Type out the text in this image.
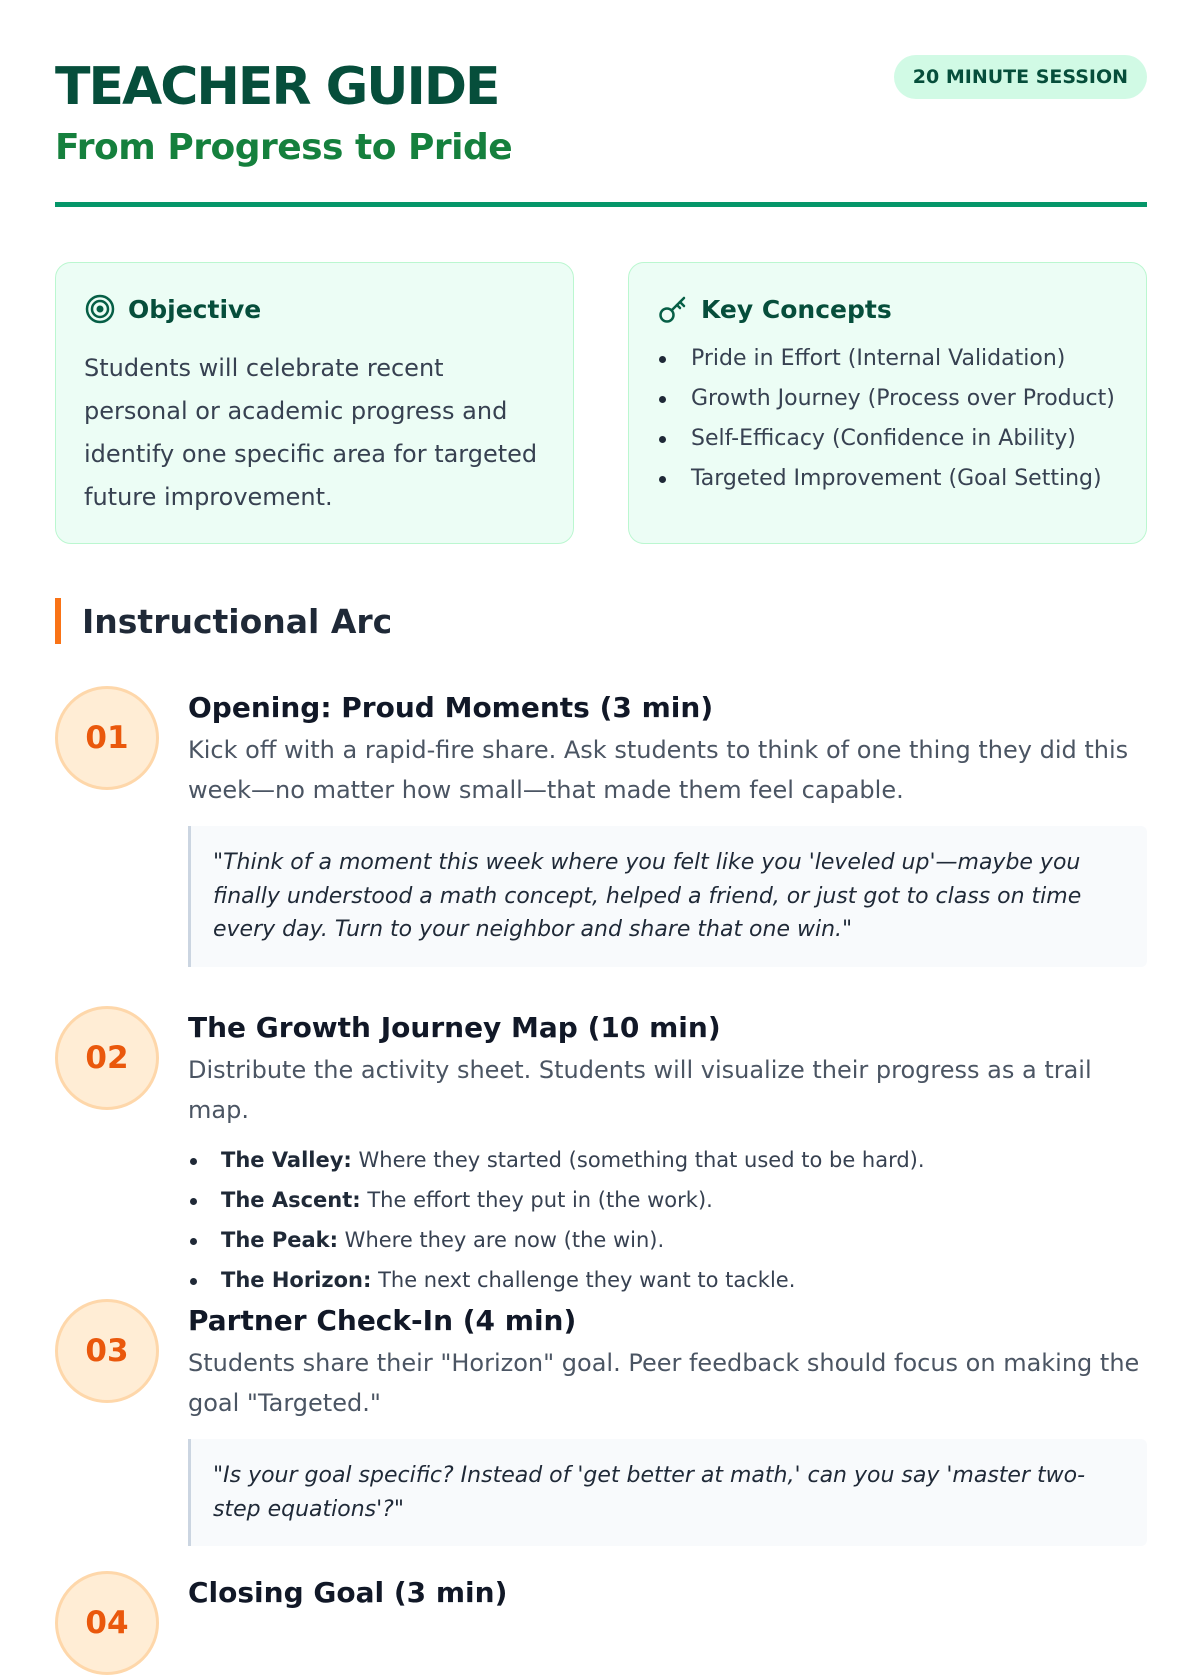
TEACHER GUIDE
From Progress to Pride
20 MINUTE SESSION
Objective
Students will celebrate recent personal or academic progress and identify one specific area for targeted future improvement.
Key Concepts
Pride in Effort (Internal Validation)
Growth Journey (Process over Product)
Self-Efficacy (Confidence in Ability)
Targeted Improvement (Goal Setting)
Instructional Arc
01
Opening: Proud Moments (3 min)
Kick off with a rapid-fire share. Ask students to think of one thing they did this week—no matter how small—that made them feel capable.
"Think of a moment this week where you felt like you 'leveled up'—maybe you finally understood a math concept, helped a friend, or just got to class on time every day. Turn to your neighbor and share that one win."
02
The Growth Journey Map (10 min)
Distribute the activity sheet. Students will visualize their progress as a trail map.
The Valley: Where they started (something that used to be hard).
The Ascent: The effort they put in (the work).
The Peak: Where they are now (the win).
The Horizon: The next challenge they want to tackle.
03
Partner Check-In (4 min)
Students share their "Horizon" goal. Peer feedback should focus on making the goal "Targeted."
"Is your goal specific? Instead of 'get better at math,' can you say 'master two-step equations'?"
04
Closing Goal (3 min)
